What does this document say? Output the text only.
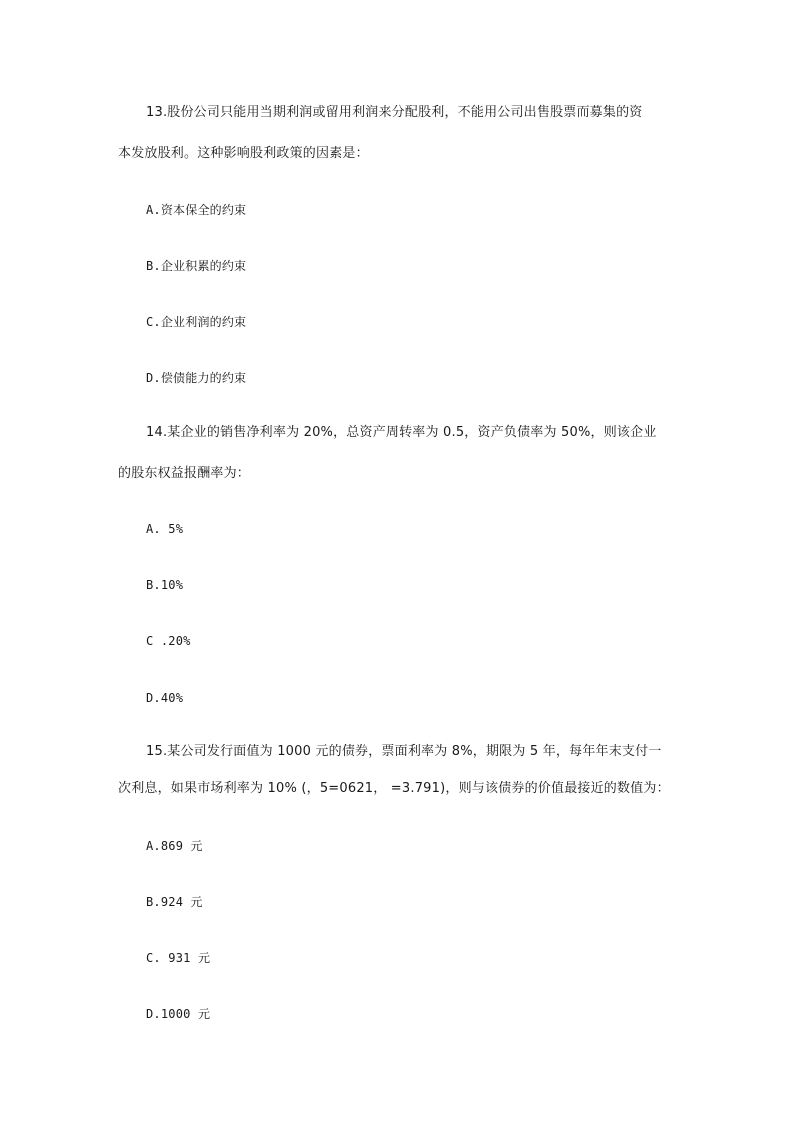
13.股份公司只能用当期利润或留用利润来分配股利，不能用公司出售股票而募集的资
本发放股利。这种影响股利政策的因素是：
A.资本保全的约束
B.企业积累的约束
C.企业利润的约束
D.偿债能力的约束
14.某企业的销售净利率为 20%，总资产周转率为 0.5，资产负债率为 50%，则该企业
的股东权益报酬率为：
A. 5%
B.10%
C .20%
D.40%
15.某公司发行面值为 1000 元的债券，票面利率为 8%，期限为 5 年，每年年末支付一
次利息，如果市场利率为 10% (，5=0621， =3.791)，则与该债券的价值最接近的数值为：
A.869 元
B.924 元
C. 931 元
D.1000 元
